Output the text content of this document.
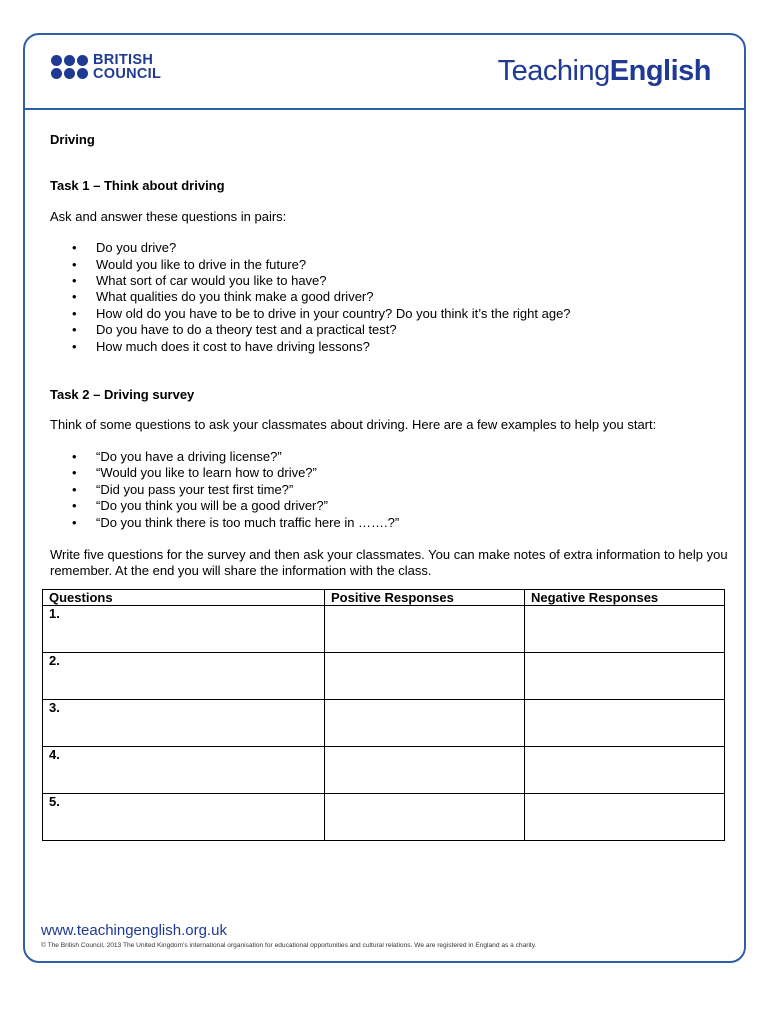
BRITISH
COUNCIL	TeachingEnglish
Driving
Task 1 – Think about driving

Ask and answer these questions in pairs:

• Do you drive?
• Would you like to drive in the future?
• What sort of car would you like to have?
• What qualities do you think make a good driver?
• How old do you have to be to drive in your country? Do you think it’s the right age?
• Do you have to do a theory test and a practical test?
• How much does it cost to have driving lessons?
Task 2 – Driving survey

Think of some questions to ask your classmates about driving. Here are a few examples to help you start:

• “Do you have a driving license?”
• “Would you like to learn how to drive?”
• “Did you pass your test first time?”
• “Do you think you will be a good driver?”
• “Do you think there is too much traffic here in …….?”

Write five questions for the survey and then ask your classmates. You can make notes of extra information to help you remember. At the end you will share the information with the class.

Questions	Positive Responses	Negative Responses
1.		
2.		
3.		
4.		
5.		
www.teachingenglish.org.uk
© The British Council, 2013 The United Kingdom’s international organisation for educational opportunities and cultural relations. We are registered in England as a charity.
